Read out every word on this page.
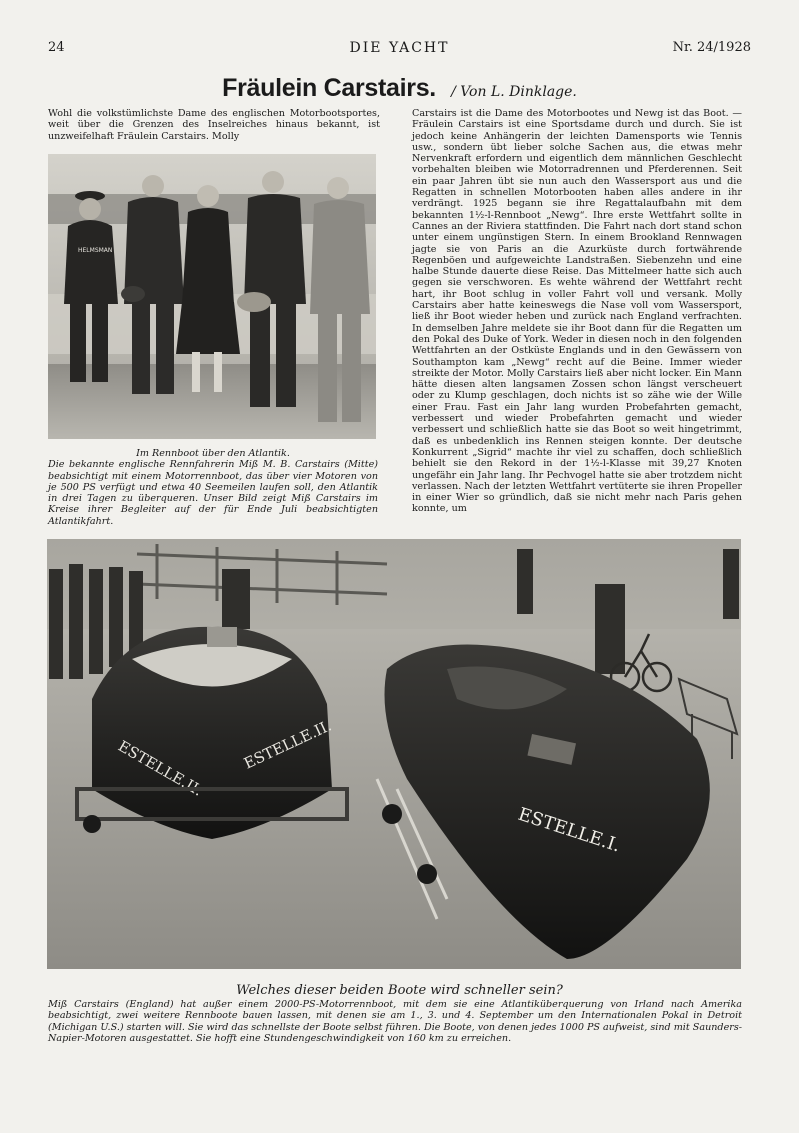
24	DIE YACHT	Nr. 24/1928
Fräulein Carstairs. / Von L. Dinklage.

Wohl die volkstümlichste Dame des englischen Motorbootsportes, weit über die Grenzen des Inselreiches hinaus bekannt, ist unzweifelhaft Fräulein Carstairs. Molly

HELMSMAN
Im Rennboot über den Atlantik.
Die bekannte englische Rennfahrerin Miß M. B. Carstairs (Mitte) beabsichtigt mit einem Motorrennboot, das über vier Motoren von je 500 PS verfügt und etwa 40 Seemeilen laufen soll, den Atlantik in drei Tagen zu überqueren. Unser Bild zeigt Miß Carstairs im Kreise ihrer Begleiter auf der für Ende Juli beabsichtigten Atlantikfahrt.

Carstairs ist die Dame des Motorbootes und Newg ist das Boot. — Fräulein Carstairs ist eine Sportsdame durch und durch. Sie ist jedoch keine Anhängerin der leichten Damensports wie Tennis usw., sondern übt lieber solche Sachen aus, die etwas mehr Nervenkraft erfordern und eigentlich dem männlichen Geschlecht vorbehalten bleiben wie Motorradrennen und Pferderennen. Seit ein paar Jahren übt sie nun auch den Wassersport aus und die Regatten in schnellen Motorbooten haben alles andere in ihr verdrängt. 1925 begann sie ihre Regattalaufbahn mit dem bekannten 1½-l-Rennboot „Newg“. Ihre erste Wettfahrt sollte in Cannes an der Riviera stattfinden. Die Fahrt nach dort stand schon unter einem ungünstigen Stern. In einem Brookland Rennwagen jagte sie von Paris an die Azurküste durch fortwährende Regenböen und aufgeweichte Landstraßen. Siebenzehn und eine halbe Stunde dauerte diese Reise. Das Mittelmeer hatte sich auch gegen sie verschworen. Es wehte während der Wettfahrt recht hart, ihr Boot schlug in voller Fahrt voll und versank. Molly Carstairs aber hatte keineswegs die Nase voll vom Wassersport, ließ ihr Boot wieder heben und zurück nach England verfrachten. In demselben Jahre meldete sie ihr Boot dann für die Regatten um den Pokal des Duke of York. Weder in diesen noch in den folgenden Wettfahrten an der Ostküste Englands und in den Gewässern von Southampton kam „Newg“ recht auf die Beine. Immer wieder streikte der Motor. Molly Carstairs ließ aber nicht locker. Ein Mann hätte diesen alten langsamen Zossen schon längst verscheuert oder zu Klump geschlagen, doch nichts ist so zähe wie der Wille einer Frau. Fast ein Jahr lang wurden Probefahrten gemacht, verbessert und wieder Probefahrten gemacht und wieder verbessert und schließlich hatte sie das Boot so weit hingetrimmt, daß es unbedenklich ins Rennen steigen konnte. Der deutsche Konkurrent „Sigrid“ machte ihr viel zu schaffen, doch schließlich behielt sie den Rekord in der 1½-l-Klasse mit 39,27 Knoten ungefähr ein Jahr lang. Ihr Pechvogel hatte sie aber trotzdem nicht verlassen. Nach der letzten Wettfahrt vertüterte sie ihren Propeller in einer Wier so gründlich, daß sie nicht mehr nach Paris gehen konnte, um

ESTELLE.II. ESTELLE.II.
ESTELLE.I.
Welches dieser beiden Boote wird schneller sein?
Miß Carstairs (England) hat außer einem 2000-PS-Motorrennboot, mit dem sie eine Atlantiküberquerung von Irland nach Amerika beabsichtigt, zwei weitere Rennboote bauen lassen, mit denen sie am 1., 3. und 4. September um den Internationalen Pokal in Detroit (Michigan U.S.) starten will. Sie wird das schnellste der Boote selbst führen. Die Boote, von denen jedes 1000 PS aufweist, sind mit Saunders-Napier-Motoren ausgestattet. Sie hofft eine Stundengeschwindigkeit von 160 km zu erreichen.
